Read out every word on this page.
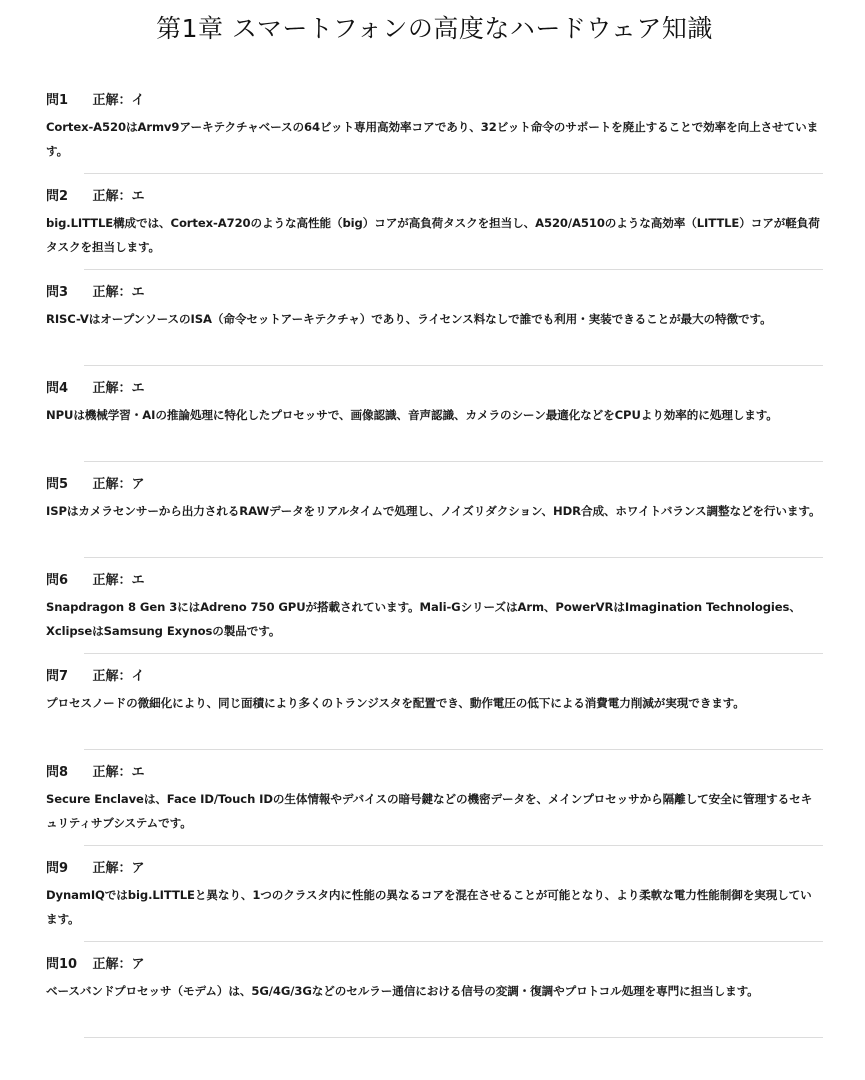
第1章 スマートフォンの高度なハードウェア知識
問1 正解：イ

Cortex-A520はArmv9アーキテクチャベースの64ビット専用高効率コアであり、32ビット命令のサポートを廃止することで効率を向上させています。

問2 正解：エ

big.LITTLE構成では、Cortex-A720のような高性能（big）コアが高負荷タスクを担当し、A520/A510のような高効率（LITTLE）コアが軽負荷タスクを担当します。

問3 正解：エ

RISC-VはオープンソースのISA（命令セットアーキテクチャ）であり、ライセンス料なしで誰でも利用・実装できることが最大の特徴です。

問4 正解：エ

NPUは機械学習・AIの推論処理に特化したプロセッサで、画像認識、音声認識、カメラのシーン最適化などをCPUより効率的に処理します。

問5 正解：ア

ISPはカメラセンサーから出力されるRAWデータをリアルタイムで処理し、ノイズリダクション、HDR合成、ホワイトバランス調整などを行います。

問6 正解：エ

Snapdragon 8 Gen 3にはAdreno 750 GPUが搭載されています。Mali-GシリーズはArm、PowerVRはImagination Technologies、XclipseはSamsung Exynosの製品です。

問7 正解：イ

プロセスノードの微細化により、同じ面積により多くのトランジスタを配置でき、動作電圧の低下による消費電力削減が実現できます。

問8 正解：エ

Secure Enclaveは、Face ID/Touch IDの生体情報やデバイスの暗号鍵などの機密データを、メインプロセッサから隔離して安全に管理するセキュリティサブシステムです。

問9 正解：ア

DynamIQではbig.LITTLEと異なり、1つのクラスタ内に性能の異なるコアを混在させることが可能となり、より柔軟な電力性能制御を実現しています。

問10 正解：ア

ベースバンドプロセッサ（モデム）は、5G/4G/3Gなどのセルラー通信における信号の変調・復調やプロトコル処理を専門に担当します。
